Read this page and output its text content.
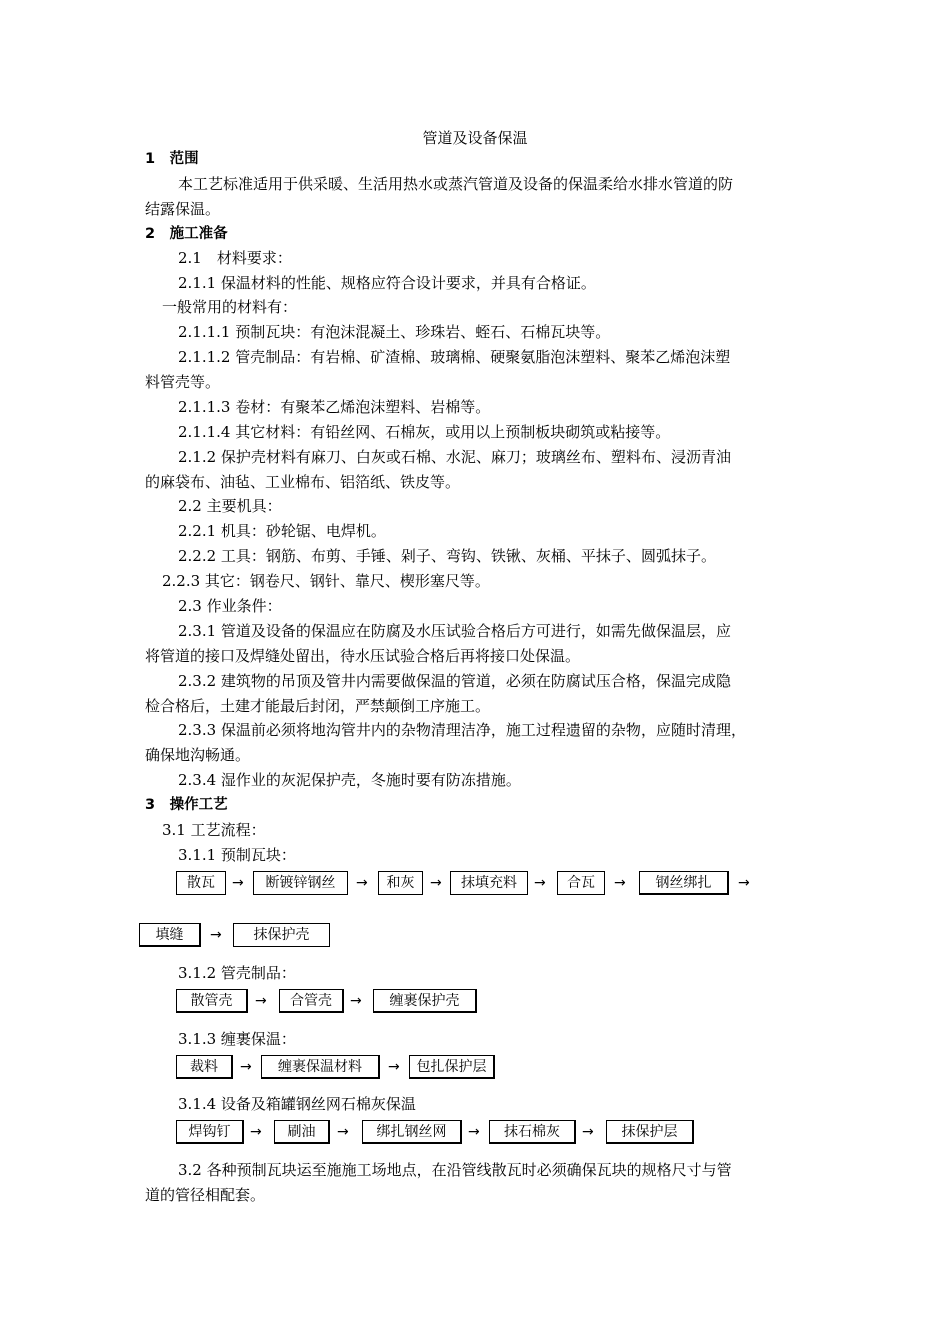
管道及设备保温
1　范围
本工艺标准适用于供采暖、生活用热水或蒸汽管道及设备的保温柔给水排水管道的防
结露保温。
2　施工准备
2.1　材料要求：
2.1.1 保温材料的性能、规格应符合设计要求，并具有合格证。
一般常用的材料有：
2.1.1.1 预制瓦块：有泡沫混凝土、珍珠岩、蛭石、石棉瓦块等。
2.1.1.2 管壳制品：有岩棉、矿渣棉、玻璃棉、硬聚氨脂泡沫塑料、聚苯乙烯泡沫塑
料管壳等。
2.1.1.3 卷材：有聚苯乙烯泡沫塑料、岩棉等。
2.1.1.4 其它材料：有铅丝网、石棉灰，或用以上预制板块砌筑或粘接等。
2.1.2 保护壳材料有麻刀、白灰或石棉、水泥、麻刀；玻璃丝布、塑料布、浸沥青油
的麻袋布、油毡、工业棉布、铝箔纸、铁皮等。
2.2 主要机具：
2.2.1 机具：砂轮锯、电焊机。
2.2.2 工具：钢筋、布剪、手锤、剁子、弯钩、铁锹、灰桶、平抹子、圆弧抹子。
2.2.3 其它：钢卷尺、钢针、靠尺、楔形塞尺等。
2.3 作业条件：
2.3.1 管道及设备的保温应在防腐及水压试验合格后方可进行，如需先做保温层，应
将管道的接口及焊缝处留出，待水压试验合格后再将接口处保温。
2.3.2 建筑物的吊顶及管井内需要做保温的管道，必须在防腐试压合格，保温完成隐
检合格后，土建才能最后封闭，严禁颠倒工序施工。
2.3.3 保温前必须将地沟管井内的杂物清理洁净，施工过程遗留的杂物，应随时清理，
确保地沟畅通。
2.3.4 湿作业的灰泥保护壳，冬施时要有防冻措施。
3　操作工艺
3.1 工艺流程：
3.1.1 预制瓦块：
散瓦	→	断镀锌钢丝	→	和灰	→	抹填充料	→	合瓦	→	钢丝绑扎	→
填缝	→	抹保护壳
3.1.2 管壳制品：
散管壳	→	合管壳	→	缠裹保护壳
3.1.3 缠裹保温：
裁料	→	缠裹保温材料	→	包扎保护层
3.1.4 设备及箱罐钢丝网石棉灰保温
焊钩钉	→	刷油	→	绑扎钢丝网	→	抹石棉灰	→	抹保护层
3.2 各种预制瓦块运至施施工场地点，在沿管线散瓦时必须确保瓦块的规格尺寸与管
道的管径相配套。
